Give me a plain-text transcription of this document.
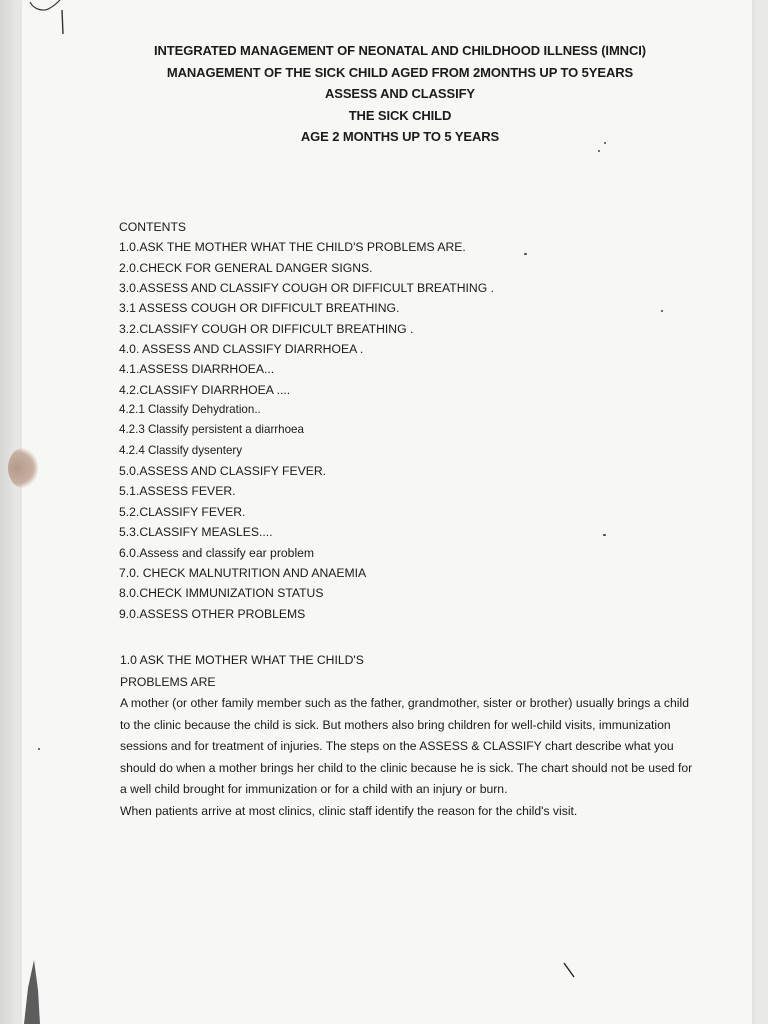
INTEGRATED MANAGEMENT OF NEONATAL AND CHILDHOOD ILLNESS (IMNCI)
MANAGEMENT OF THE SICK CHILD AGED FROM 2MONTHS UP TO 5YEARS
ASSESS AND CLASSIFY
THE SICK CHILD
AGE 2 MONTHS UP TO 5 YEARS
CONTENTS
1.0.ASK THE MOTHER WHAT THE CHILD'S PROBLEMS ARE.
2.0.CHECK FOR GENERAL DANGER SIGNS.
3.0.ASSESS AND CLASSIFY COUGH OR DIFFICULT BREATHING .
3.1 ASSESS COUGH OR DIFFICULT BREATHING.
3.2.CLASSIFY COUGH OR DIFFICULT BREATHING .
4.0. ASSESS AND CLASSIFY DIARRHOEA .
4.1.ASSESS DIARRHOEA...
4.2.CLASSIFY DIARRHOEA ....
4.2.1 Classify Dehydration..
4.2.3 Classify persistent a diarrhoea
4.2.4 Classify dysentery
5.0.ASSESS AND CLASSIFY FEVER.
5.1.ASSESS FEVER.
5.2.CLASSIFY FEVER.
5.3.CLASSIFY MEASLES....
6.0.Assess and classify ear problem
7.0. CHECK MALNUTRITION AND ANAEMIA
8.0.CHECK IMMUNIZATION STATUS
9.0.ASSESS OTHER PROBLEMS
1.0 ASK THE MOTHER WHAT THE CHILD'S
PROBLEMS ARE

A mother (or other family member such as the father, grandmother, sister or brother) usually brings a child to the clinic because the child is sick. But mothers also bring children for well-child visits, immunization sessions and for treatment of injuries. The steps on the ASSESS & CLASSIFY chart describe what you should do when a mother brings her child to the clinic because he is sick. The chart should not be used for a well child brought for immunization or for a child with an injury or burn.

When patients arrive at most clinics, clinic staff identify the reason for the child's visit.
